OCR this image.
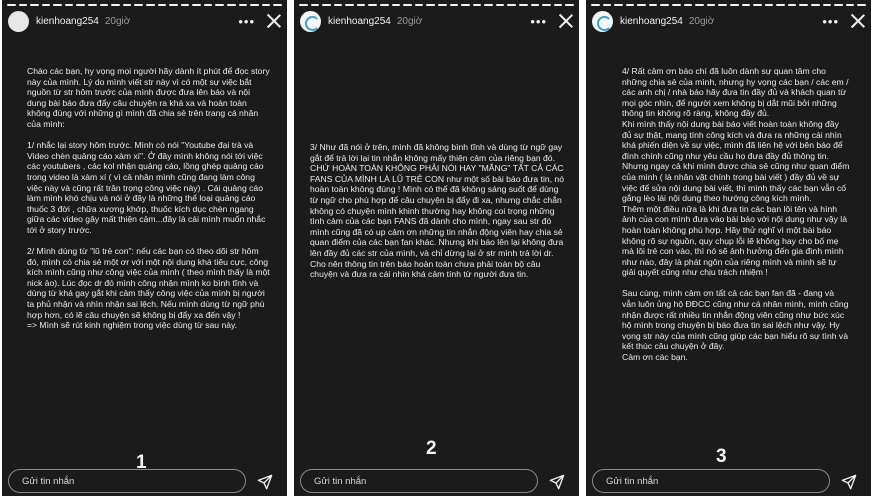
kienhoang254 20giờ	•••
Chào các bạn, hy vọng mọi người hãy dành ít phút để đọc story này của mình. Lý do mình viết str này vì có một sự việc bắt nguồn từ str hôm trước của mình được đưa lên báo và nội dung bài báo đưa đẩy câu chuyện ra khá xa và hoàn toàn không đúng với những gì mình đã chia sẻ trên trang cá nhân của mình:

1/ nhắc lại story hôm trước. Mình có nói "Youtube đại trà và Video chèn quảng cáo xàm xí". Ở đây mình không nói tới việc các youtubers , các kol nhận quảng cáo, lồng ghép quảng cáo trong video là xàm xí ( vì cả nhân mình cũng đang làm công việc này và cũng rất trân trọng công việc này) . Cái quảng cáo làm mình khó chịu và nói ở đây là những thể loại quảng cáo thuốc 3 đời , chữa xương khớp, thuốc kích dục chèn ngang giữa các video gây mất thiện cảm...đây là cái mình muốn nhắc tới ở story trước.

2/ Mình dùng từ "lũ trẻ con": nếu các bạn có theo dõi str hôm đó, mình có chia sẻ một ơr với một nội dung khá tiêu cực, công kích mình cũng như công việc của mình ( theo mình thấy là một nick ảo). Lúc đọc dr đó mình công nhận mình ko bình tĩnh và dùng từ khá gay gắt khi cảm thấy công việc của mình bị người ta phủ nhận và nhìn nhận sai lệch. Nếu mình dùng từ ngữ phù hợp hơn, có lẽ câu chuyện sẽ không bị đẩy xa đến vậy !
=> Mình sẽ rút kinh nghiệm trong việc dùng từ sau này.
1
Gửi tin nhắn
kienhoang254 20giờ	•••
3/ Như đã nói ở trên, mình đã không bình tĩnh và dùng từ ngữ gay gắt để trả lời lại tin nhắn không mấy thiện cảm của riêng bạn đó. CHỨ HOÀN TOÀN KHÔNG PHẢI NÓI HAY "MẮNG" TẤT CẢ CÁC FANS CỦA MÌNH LÀ LŨ TRẺ CON như một số bài báo đưa tin, nó hoàn toàn không đúng ! Mình có thể đã không sáng suốt để dùng từ ngữ cho phù hợp để câu chuyện bị đẩy đi xa, nhưng chắc chắn không có chuyện mình khinh thường hay không coi trọng những tình cảm của các bạn FANS đã dành cho mình, ngay sau str đó mình cũng đã có up cảm ơn những tin nhắn động viên hay chia sẻ quan điểm của các bạn fan khác. Nhưng khi báo lên lại không đưa lên đầy đủ các str của mình, và chỉ dừng lại ở str mình trả lời dr. Cho nên thông tin trên báo hoàn toàn chưa phải toàn bộ câu chuyện và đưa ra cái nhìn khá cảm tính từ người đưa tin.
2
Gửi tin nhắn
kienhoang254 20giờ	•••
4/ Rất cảm ơn báo chí đã luôn dành sự quan tâm cho những chia sẻ của mình, nhưng hy vọng các bạn / các em / các anh chị / nhà báo hãy đưa tin đầy đủ và khách quan từ mọi góc nhìn, để người xem không bị dắt mũi bởi những thông tin không rõ ràng, không đầy đủ.
Khi mình thấy nội dung bài báo viết hoàn toàn không đầy đủ sự thật, mang tính công kích và đưa ra những cái nhìn khá phiến diện về sự việc, mình đã liên hệ với bên báo để đính chính cũng như yêu cầu họ đưa đầy đủ thông tin. Nhưng ngay cả khi mình được chia sẻ cũng như quan điểm của mình ( là nhân vật chính trong bài viết ) đầy đủ về sự việc để sửa nội dung bài viết, thì mình thấy các bạn vẫn cố gắng lèo lái nội dung theo hướng công kích mình.
Thêm một điều nữa là khi đưa tin các bạn lôi tên và hình ảnh của con mình đưa vào bài báo với nội dung như vậy là hoàn toàn không phù hợp. Hãy thử nghĩ vì một bài báo không rõ sự nguồn, quy chụp lỗi lẽ không hay cho bố mẹ mà lôi trẻ con vào, thì nó sẽ ảnh hưởng đến gia đình mình như nào, đây là phát ngôn của riêng mình và mình sẽ tự giải quyết cũng như chịu trách nhiệm !

Sau cùng, mình cảm ơn tất cả các bạn fan đã - đang và vẫn luôn ủng hộ ĐĐCC cũng như cá nhân mình, mình cũng nhận được rất nhiều tin nhắn động viên cũng như bức xúc hộ mình trong chuyện bị báo đưa tin sai lệch như vậy. Hy vọng str này của mình cũng giúp các bạn hiểu rõ sự tình và kết thúc câu chuyện ở đây.
Cảm ơn các bạn.
3
Gửi tin nhắn
